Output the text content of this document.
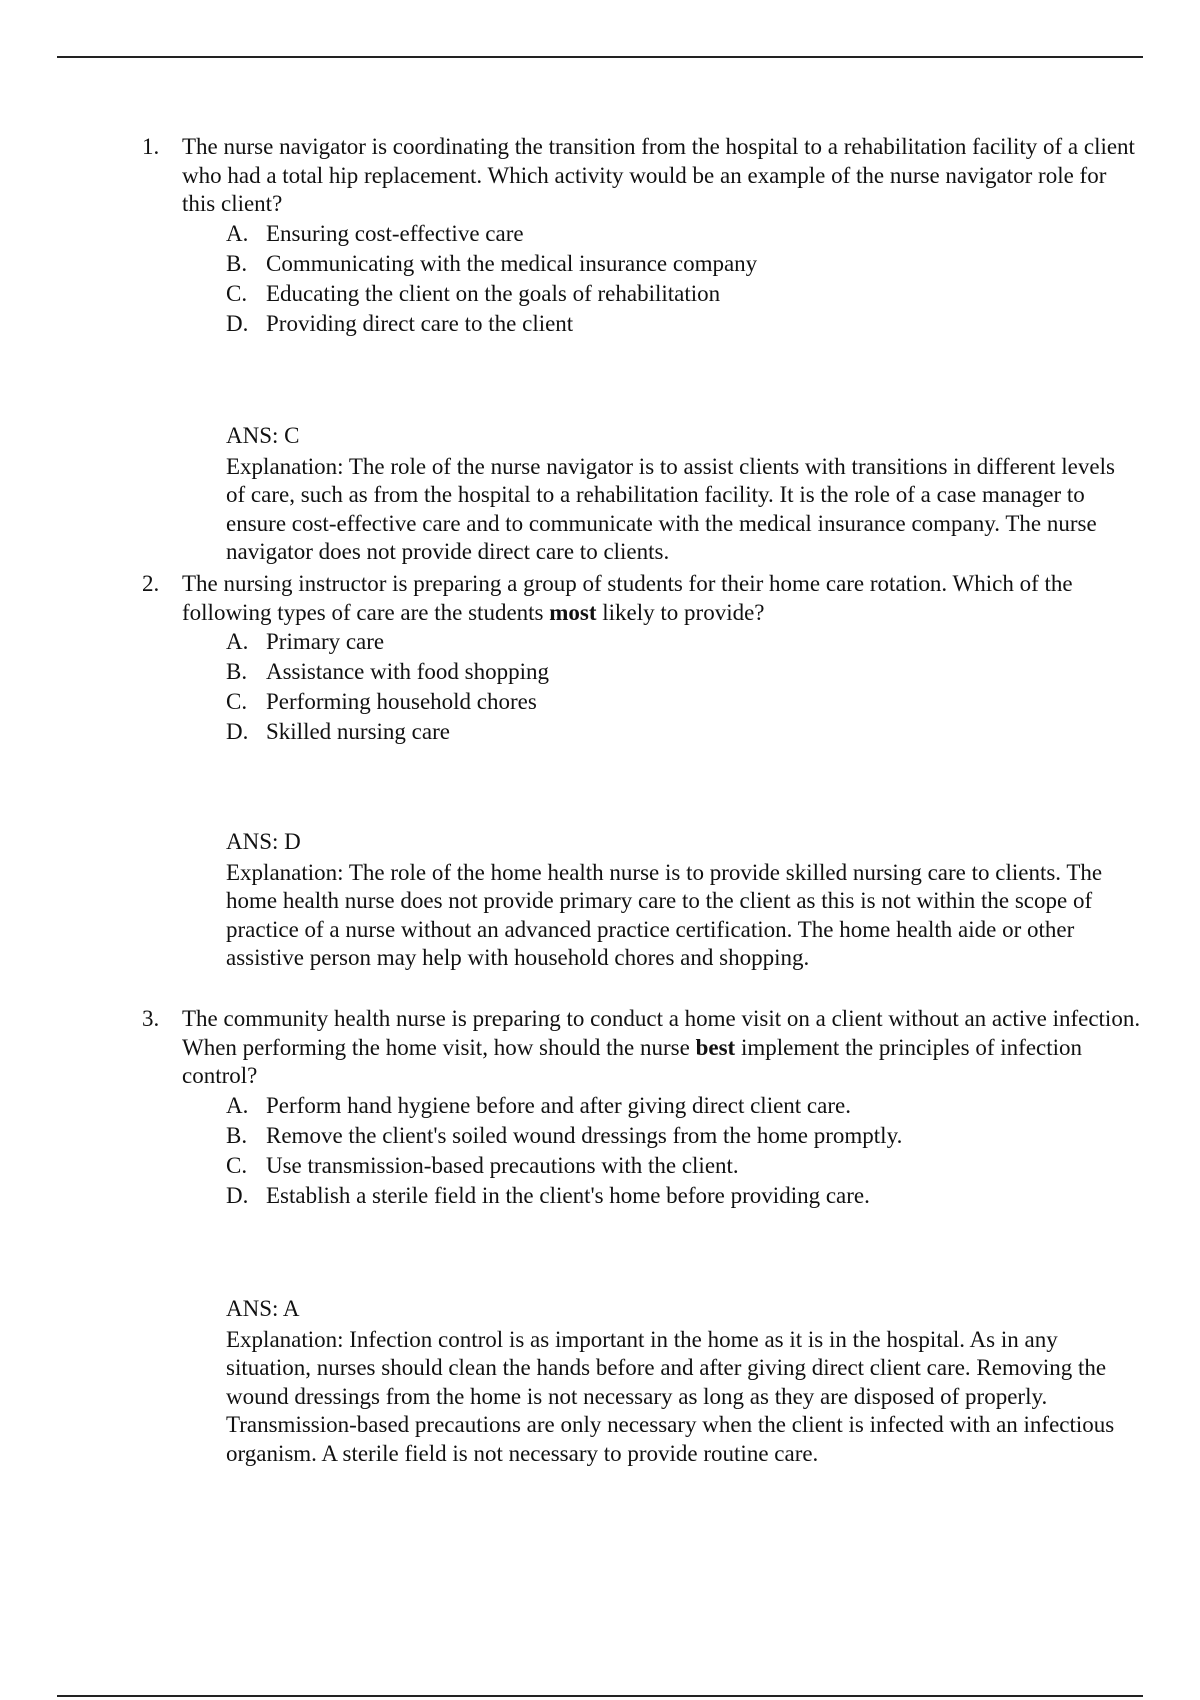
1. The nurse navigator is coordinating the transition from the hospital to a rehabilitation facility of a client who had a total hip replacement. Which activity would be an example of the nurse navigator role for this client?
A. Ensuring cost-effective care
B. Communicating with the medical insurance company
C. Educating the client on the goals of rehabilitation
D. Providing direct care to the client

ANS: C

Explanation: The role of the nurse navigator is to assist clients with transitions in different levels of care, such as from the hospital to a rehabilitation facility. It is the role of a case manager to ensure cost-effective care and to communicate with the medical insurance company. The nurse navigator does not provide direct care to clients.

2. The nursing instructor is preparing a group of students for their home care rotation. Which of the following types of care are the students most likely to provide?
A. Primary care
B. Assistance with food shopping
C. Performing household chores
D. Skilled nursing care

ANS: D

Explanation: The role of the home health nurse is to provide skilled nursing care to clients. The home health nurse does not provide primary care to the client as this is not within the scope of practice of a nurse without an advanced practice certification. The home health aide or other assistive person may help with household chores and shopping.

3. The community health nurse is preparing to conduct a home visit on a client without an active infection. When performing the home visit, how should the nurse best implement the principles of infection control?
A. Perform hand hygiene before and after giving direct client care.
B. Remove the client's soiled wound dressings from the home promptly.
C. Use transmission-based precautions with the client.
D. Establish a sterile field in the client's home before providing care.

ANS: A

Explanation: Infection control is as important in the home as it is in the hospital. As in any situation, nurses should clean the hands before and after giving direct client care. Removing the wound dressings from the home is not necessary as long as they are disposed of properly. Transmission-based precautions are only necessary when the client is infected with an infectious organism. A sterile field is not necessary to provide routine care.
